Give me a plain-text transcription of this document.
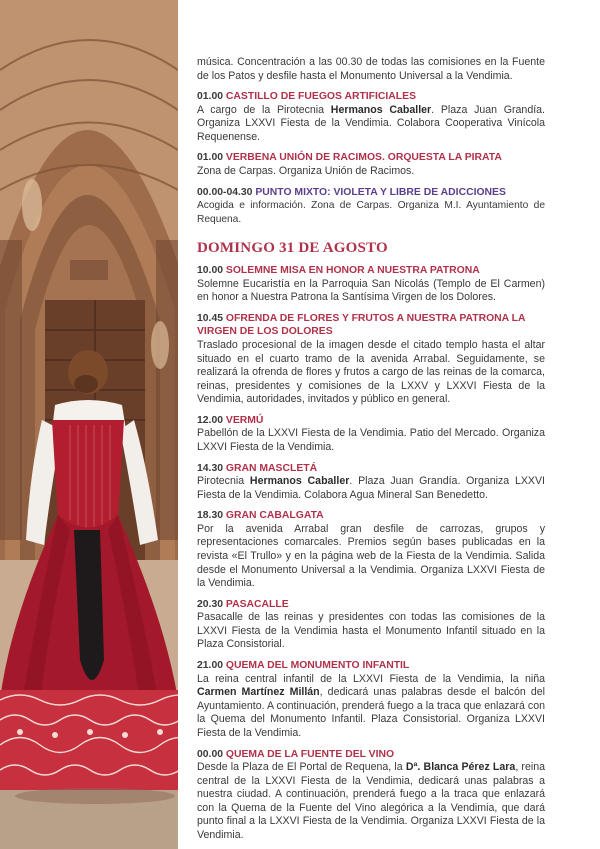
música. Concentración a las 00.30 de todas las comisiones en la Fuente de los Patos y desfile hasta el Monumento Universal a la Vendimia.

01.00 CASTILLO DE FUEGOS ARTIFICIALES

A cargo de la Pirotecnia Hermanos Caballer. Plaza Juan Grandía. Organiza LXXVI Fiesta de la Vendimia. Colabora Cooperativa Vinícola Requenense.

01.00 VERBENA UNIÓN DE RACIMOS. ORQUESTA LA PIRATA

Zona de Carpas. Organiza Unión de Racimos.

00.00-04.30 PUNTO MIXTO: VIOLETA Y LIBRE DE ADICCIONES

Acogida e información. Zona de Carpas. Organiza M.I. Ayuntamiento de Requena.

DOMINGO 31 DE AGOSTO
10.00 SOLEMNE MISA EN HONOR A NUESTRA PATRONA

Solemne Eucaristía en la Parroquia San Nicolás (Templo de El Carmen) en honor a Nuestra Patrona la Santísima Virgen de los Dolores.

10.45 OFRENDA DE FLORES Y FRUTOS A NUESTRA PATRONA LA VIRGEN DE LOS DOLORES

Traslado procesional de la imagen desde el citado templo hasta el altar situado en el cuarto tramo de la avenida Arrabal. Seguidamente, se realizará la ofrenda de flores y frutos a cargo de las reinas de la comarca, reinas, presidentes y comisiones de la LXXV y LXXVI Fiesta de la Vendimia, autoridades, invitados y público en general.

12.00 VERMÚ

Pabellón de la LXXVI Fiesta de la Vendimia. Patio del Mercado. Organiza LXXVI Fiesta de la Vendimia.

14.30 GRAN MASCLETÁ

Pirotecnia Hermanos Caballer. Plaza Juan Grandía. Organiza LXXVI Fiesta de la Vendimia. Colabora Agua Mineral San Benedetto.

18.30 GRAN CABALGATA

Por la avenida Arrabal gran desfile de carrozas, grupos y representaciones comarcales. Premios según bases publicadas en la revista «El Trullo» y en la página web de la Fiesta de la Vendimia. Salida desde el Monumento Universal a la Vendimia. Organiza LXXVI Fiesta de la Vendimia.

20.30 PASACALLE

Pasacalle de las reinas y presidentes con todas las comisiones de la LXXVI Fiesta de la Vendimia hasta el Monumento Infantil situado en la Plaza Consistorial.

21.00 QUEMA DEL MONUMENTO INFANTIL

La reina central infantil de la LXXVI Fiesta de la Vendimia, la niña Carmen Martínez Millán, dedicará unas palabras desde el balcón del Ayuntamiento. A continuación, prenderá fuego a la traca que enlazará con la Quema del Monumento Infantil. Plaza Consistorial. Organiza LXXVI Fiesta de la Vendimia.

00.00 QUEMA DE LA FUENTE DEL VINO

Desde la Plaza de El Portal de Requena, la Dª. Blanca Pérez Lara, reina central de la LXXVI Fiesta de la Vendimia, dedicará unas palabras a nuestra ciudad. A continuación, prenderá fuego a la traca que enlazará con la Quema de la Fuente del Vino alegórica a la Vendimia, que dará punto final a la LXXVI Fiesta de la Vendimia. Organiza LXXVI Fiesta de la Vendimia.
